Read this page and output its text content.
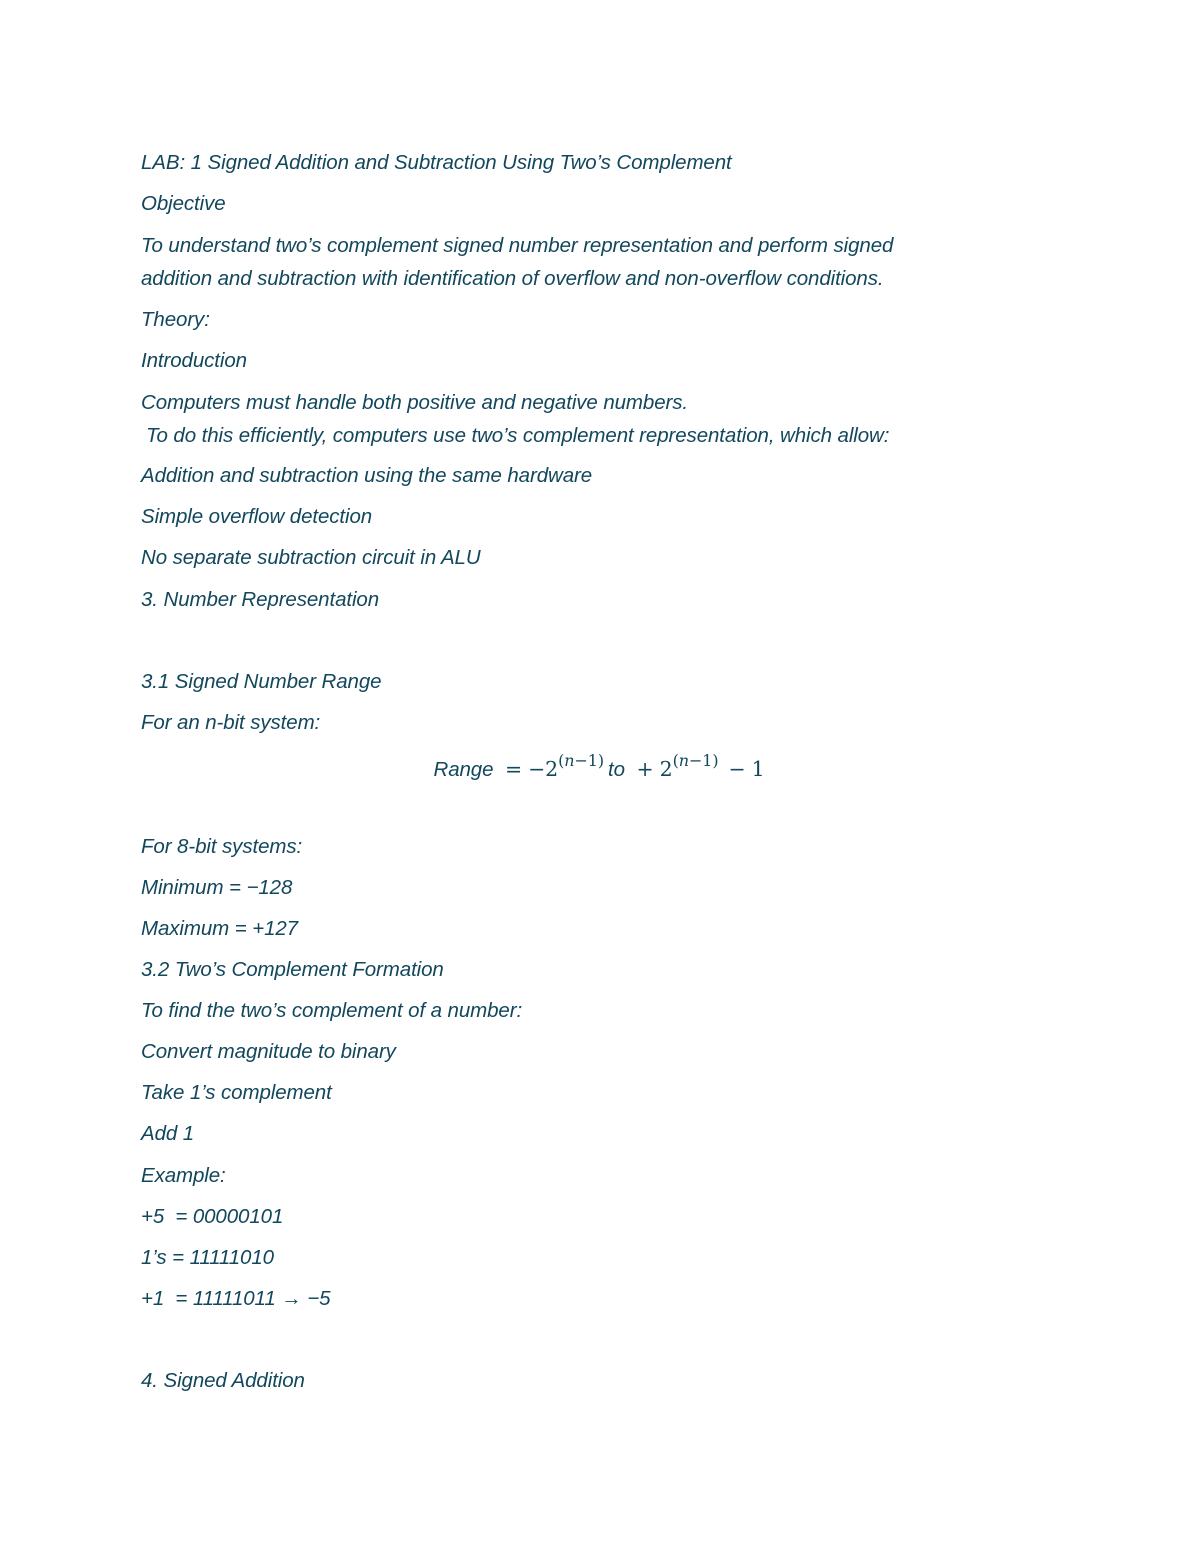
LAB: 1 Signed Addition and Subtraction Using Two’s Complement
Objective
To understand two’s complement signed number representation and perform signed
addition and subtraction with identification of overflow and non-overflow conditions.
Theory:
Introduction
Computers must handle both positive and negative numbers.
To do this efficiently, computers use two’s complement representation, which allow:
Addition and subtraction using the same hardware
Simple overflow detection
No separate subtraction circuit in ALU
3. Number Representation
3.1 Signed Number Range
For an n-bit system:
Range = $-2^{(n-1)}$ to + $2^{(n-1)} - 1$
For 8-bit systems:
Minimum = −128
Maximum = +127
3.2 Two’s Complement Formation
To find the two’s complement of a number:
Convert magnitude to binary
Take 1’s complement
Add 1
Example:
+5  = 00000101
1’s = 11111010
+1  = 11111011 → −5
4. Signed Addition
